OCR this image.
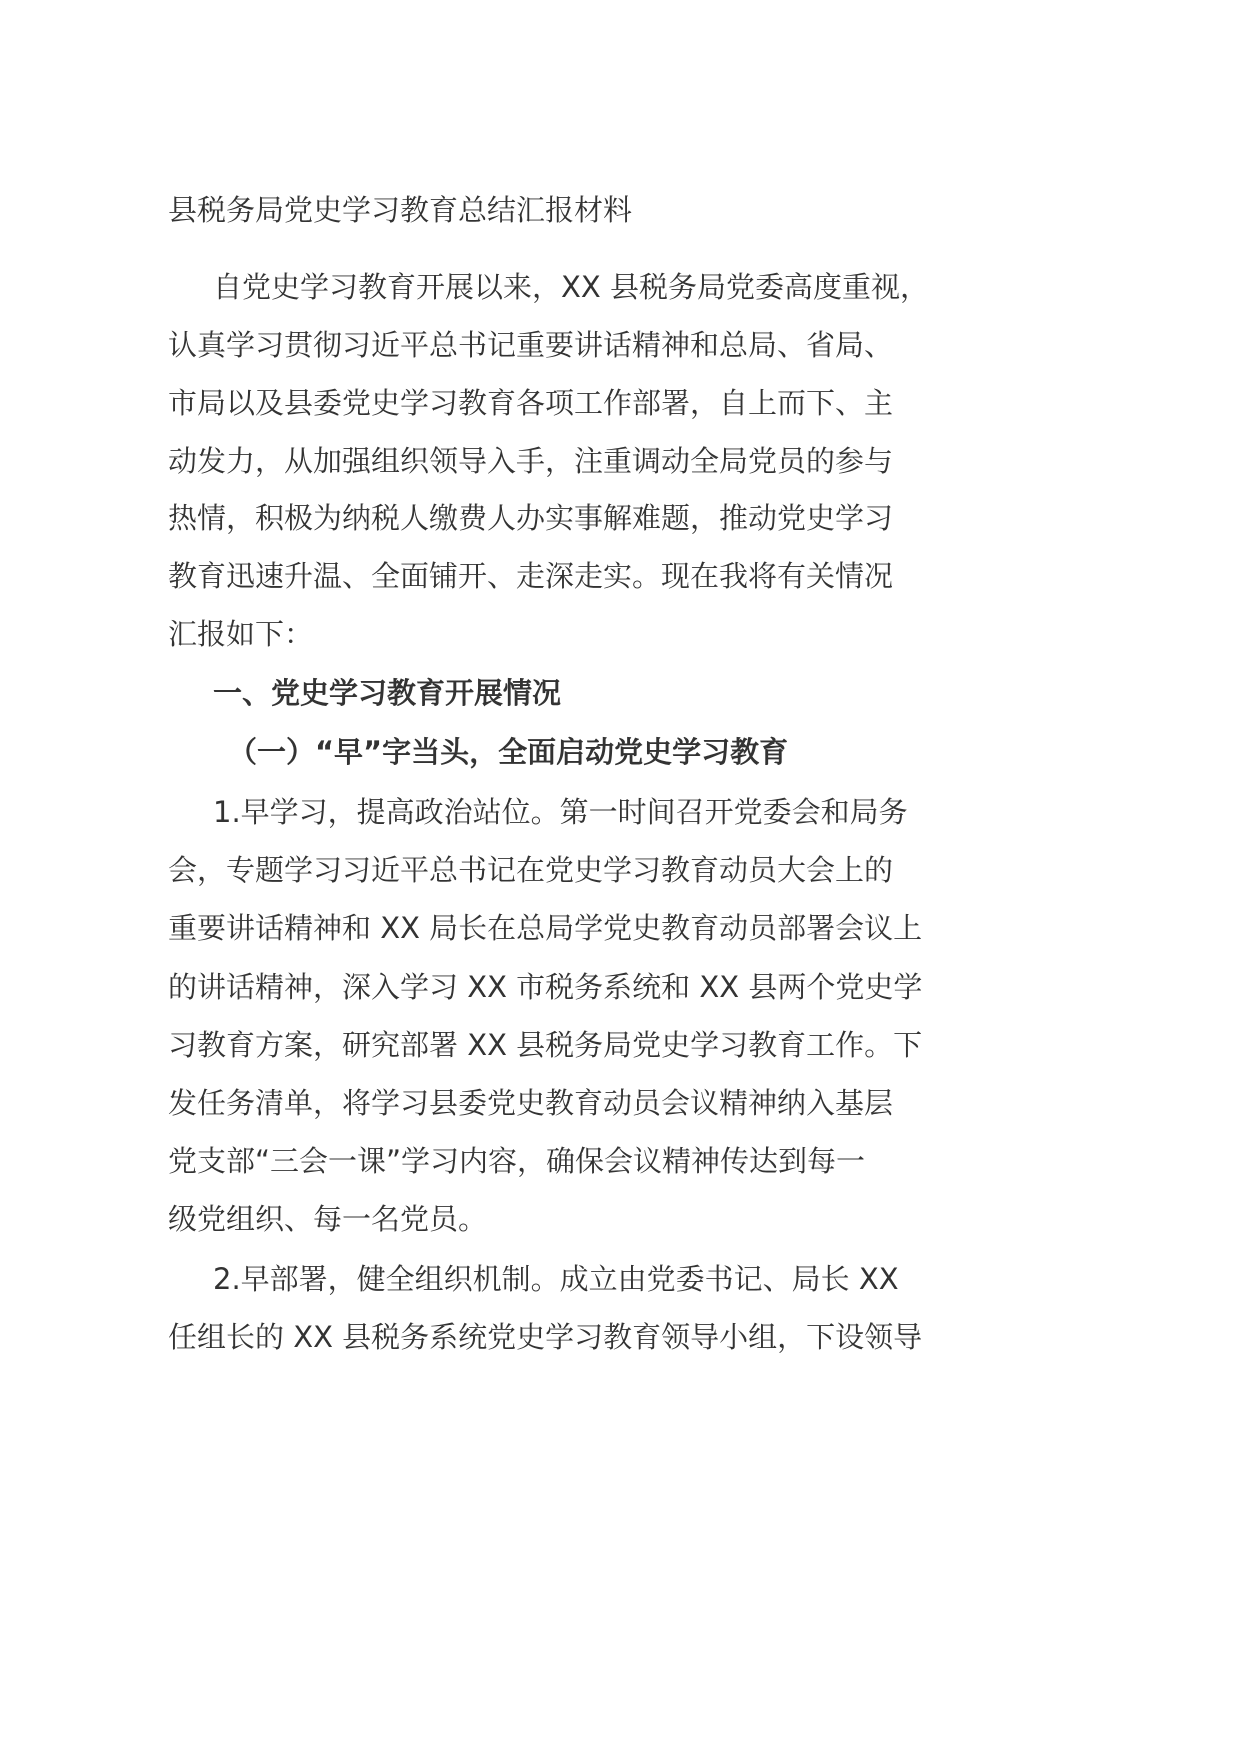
县税务局党史学习教育总结汇报材料
自党史学习教育开展以来，XX 县税务局党委高度重视，
认真学习贯彻习近平总书记重要讲话精神和总局、省局、
市局以及县委党史学习教育各项工作部署，自上而下、主
动发力，从加强组织领导入手，注重调动全局党员的参与
热情，积极为纳税人缴费人办实事解难题，推动党史学习
教育迅速升温、全面铺开、走深走实。现在我将有关情况
汇报如下：
一、党史学习教育开展情况
（一）“早”字当头，全面启动党史学习教育
1.早学习，提高政治站位。第一时间召开党委会和局务
会，专题学习习近平总书记在党史学习教育动员大会上的
重要讲话精神和 XX 局长在总局学党史教育动员部署会议上
的讲话精神，深入学习 XX 市税务系统和 XX 县两个党史学
习教育方案，研究部署 XX 县税务局党史学习教育工作。下
发任务清单，将学习县委党史教育动员会议精神纳入基层
党支部“三会一课”学习内容，确保会议精神传达到每一
级党组织、每一名党员。
2.早部署，健全组织机制。成立由党委书记、局长 XX
任组长的 XX 县税务系统党史学习教育领导小组，下设领导
